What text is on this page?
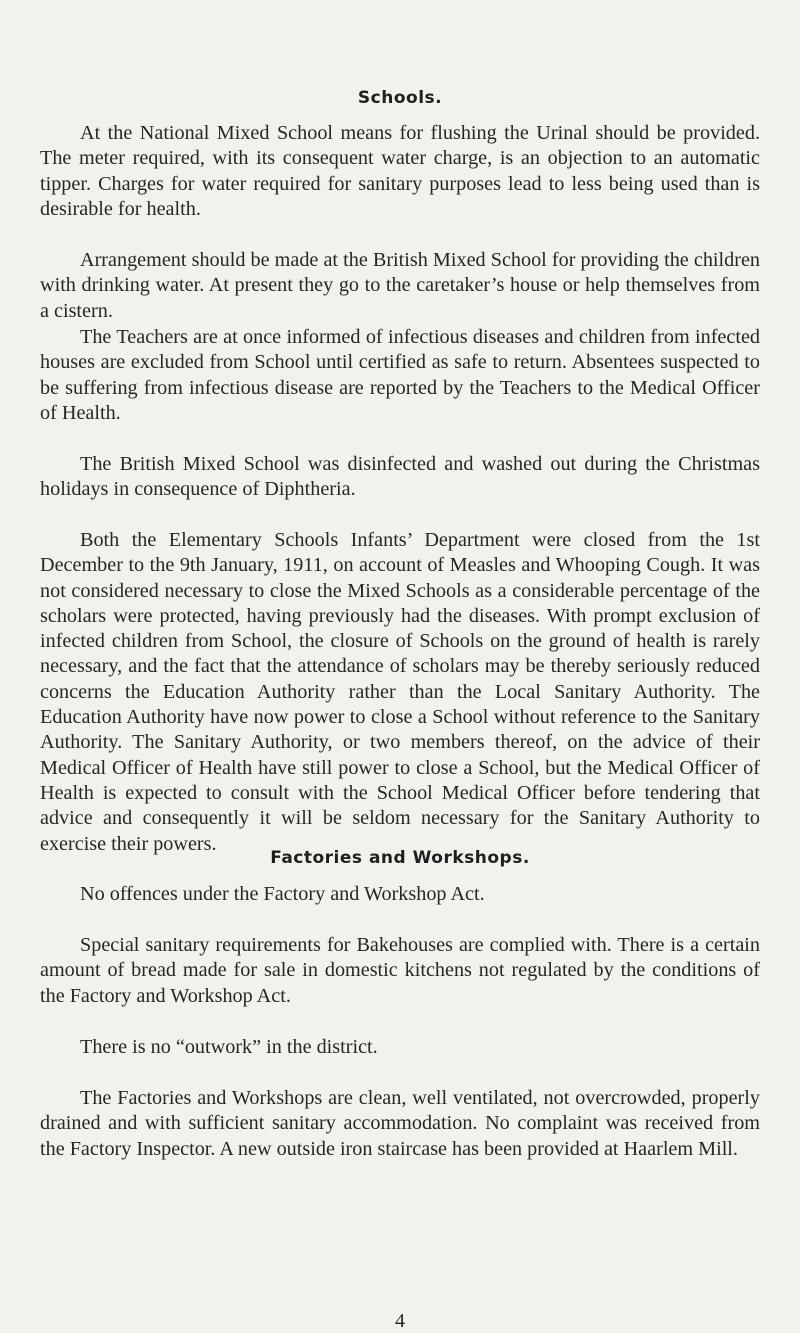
Schools.

At the National Mixed School means for flushing the Urinal should be provided. The meter required, with its consequent water charge, is an objection to an automatic tipper. Charges for water required for sanitary purposes lead to less being used than is desirable for health.

Arrangement should be made at the British Mixed School for providing the children with drinking water. At present they go to the caretaker’s house or help themselves from a cistern.

The Teachers are at once informed of infectious diseases and children from infected houses are excluded from School until certified as safe to return. Absentees suspected to be suffering from infectious disease are reported by the Teachers to the Medical Officer of Health.

The British Mixed School was disinfected and washed out during the Christmas holidays in consequence of Diphtheria.

Both the Elementary Schools Infants’ Department were closed from the 1st December to the 9th January, 1911, on account of Measles and Whooping Cough. It was not considered necessary to close the Mixed Schools as a considerable percentage of the scholars were protected, having previously had the diseases. With prompt exclusion of infected children from School, the closure of Schools on the ground of health is rarely necessary, and the fact that the attendance of scholars may be thereby seriously reduced concerns the Education Authority rather than the Local Sanitary Authority. The Education Authority have now power to close a School without reference to the Sanitary Authority. The Sanitary Authority, or two members thereof, on the advice of their Medical Officer of Health have still power to close a School, but the Medical Officer of Health is expected to consult with the School Medical Officer before tendering that advice and consequently it will be seldom necessary for the Sanitary Authority to exercise their powers.

Factories and Workshops.

No offences under the Factory and Workshop Act.

Special sanitary requirements for Bakehouses are complied with. There is a certain amount of bread made for sale in domestic kitchens not regulated by the conditions of the Factory and Workshop Act.

There is no “outwork” in the district.

The Factories and Workshops are clean, well ventilated, not overcrowded, properly drained and with sufficient sanitary accommodation. No complaint was received from the Factory Inspector. A new outside iron staircase has been provided at Haarlem Mill.

4
